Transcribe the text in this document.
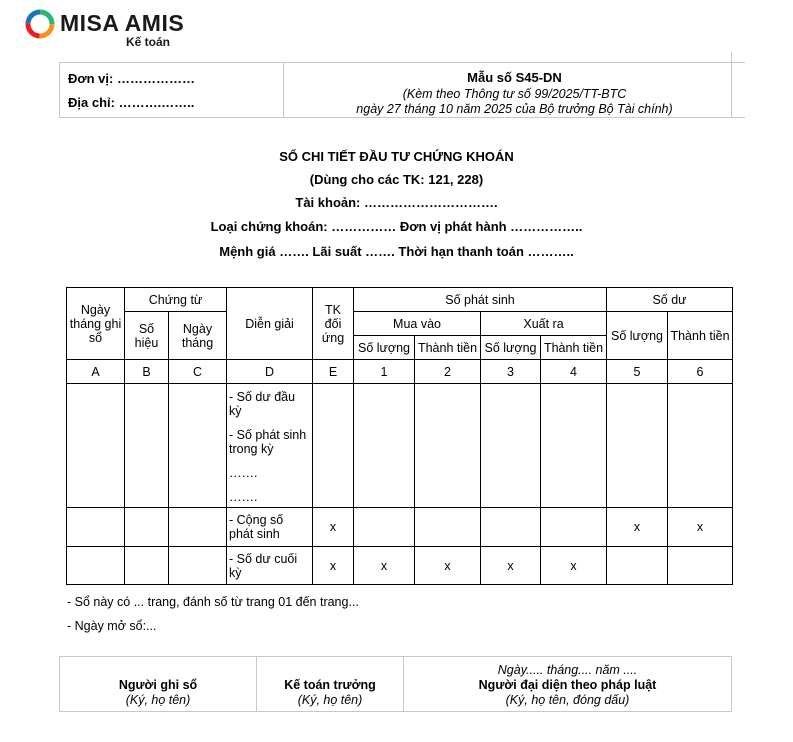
MISA AMIS
Kế toán
Đơn vị: ………………
Địa chỉ: ……….……..
Mẫu số S45-DN
(Kèm theo Thông tư số 99/2025/TT-BTC
ngày 27 tháng 10 năm 2025 của Bộ trưởng Bộ Tài chính)
SỔ CHI TIẾT ĐẦU TƯ CHỨNG KHOÁN
(Dùng cho các TK: 121, 228)
Tài khoản: ………………………….
Loại chứng khoán: …………… Đơn vị phát hành ……………..
Mệnh giá ……. Lãi suất ……. Thời hạn thanh toán ………..
Ngày tháng ghi sổ	Chứng từ		Diễn giải	TK đối ứng	Số phát sinh				Số dư	
	Số hiệu	Ngày tháng			Mua vào		Xuất ra		Số lượng	Thành tiền
					Số lượng	Thành tiền	Số lượng	Thành tiền		
A	B	C	D	E	1	2	3	4	5	6

			- Số dư đầu kỳ
- Số phát sinh trong kỳ
…….
…….							

			- Cộng số phát sinh	x					x	x
			- Số dư cuối kỳ	x	x	x	x	x		
- Sổ này có ... trang, đánh số từ trang 01 đến trang...
- Ngày mở sổ:...
Người ghi sổ
(Ký, họ tên)

Kế toán trưởng
(Ký, họ tên)

Ngày..... tháng.... năm ....
Người đại diện theo pháp luật
(Ký, họ tên, đóng dấu)
